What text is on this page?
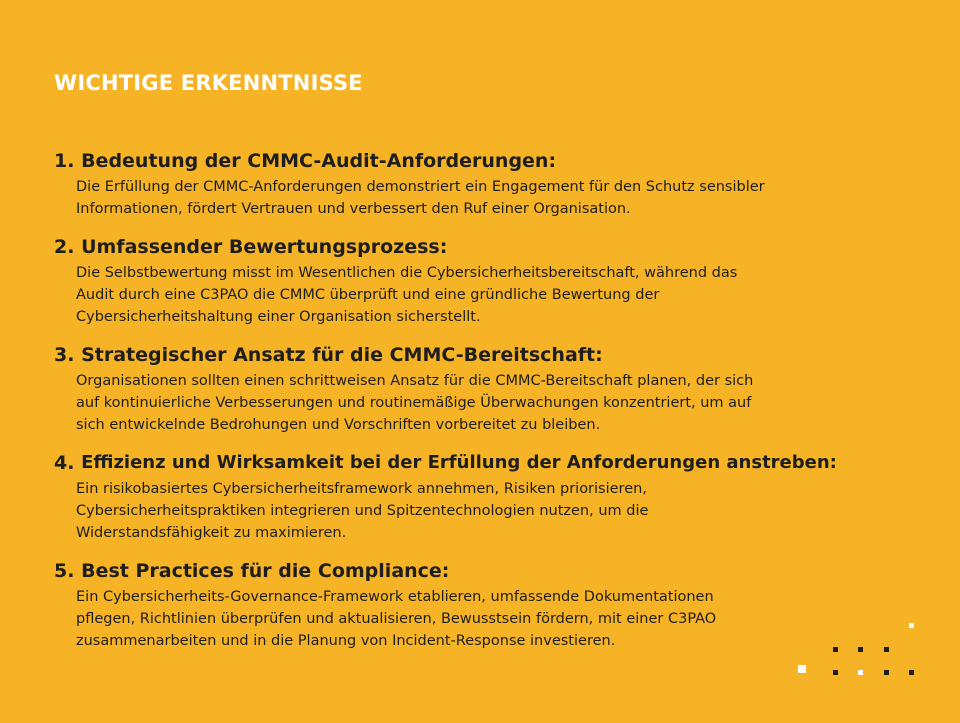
WICHTIGE ERKENNTNISSE
1.
Bedeutung der CMMC-Audit-Anforderungen:
Die Erfüllung der CMMC-Anforderungen demonstriert ein Engagement für den Schutz sensibler
Informationen, fördert Vertrauen und verbessert den Ruf einer Organisation.
2.
Umfassender Bewertungsprozess:
Die Selbstbewertung misst im Wesentlichen die Cybersicherheitsbereitschaft, während das
Audit durch eine C3PAO die CMMC überprüft und eine gründliche Bewertung der
Cybersicherheitshaltung einer Organisation sicherstellt.
3.
Strategischer Ansatz für die CMMC-Bereitschaft:
Organisationen sollten einen schrittweisen Ansatz für die CMMC-Bereitschaft planen, der sich
auf kontinuierliche Verbesserungen und routinemäßige Überwachungen konzentriert, um auf
sich entwickelnde Bedrohungen und Vorschriften vorbereitet zu bleiben.
4.
Effizienz und Wirksamkeit bei der Erfüllung der Anforderungen anstreben:
Ein risikobasiertes Cybersicherheitsframework annehmen, Risiken priorisieren,
Cybersicherheitspraktiken integrieren und Spitzentechnologien nutzen, um die
Widerstandsfähigkeit zu maximieren.
5.
Best Practices für die Compliance:
Ein Cybersicherheits-Governance-Framework etablieren, umfassende Dokumentationen
pflegen, Richtlinien überprüfen und aktualisieren, Bewusstsein fördern, mit einer C3PAO
zusammenarbeiten und in die Planung von Incident-Response investieren.
